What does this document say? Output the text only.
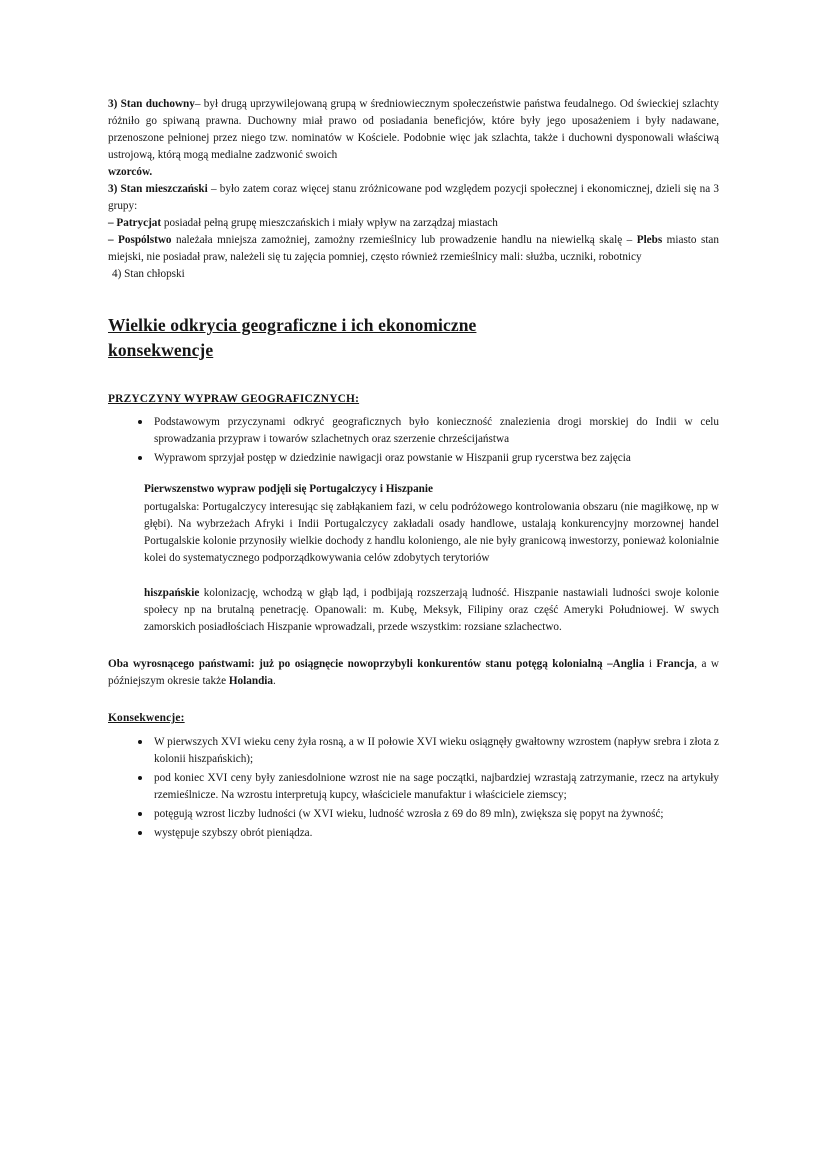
3) Stan duchowny– był drugą uprzywilejowaną grupą w średniowiecznym społeczeństwie państwa feudalnego. Od świeckiej szlachty różniło go spiwaną prawna. Duchowny miał prawo od posiadania beneficjów, które były jego uposażeniem i były nadawane, przenoszone pełnionej przez niego tzw. nominatów w Kościele. Podobnie więc jak szlachta, także i duchowni dysponowali właściwą ustrojową, którą mogą medialne zadzwonić swoich

wzorców.

3) Stan mieszczański – było zatem coraz więcej stanu zróżnicowane pod względem pozycji społecznej i ekonomicznej, dzieli się na 3 grupy:

– Patrycjat posiadał pełną grupę mieszczańskich i miały wpływ na zarządzaj miastach

– Pospólstwo należała mniejsza zamożniej, zamożny rzemieślnicy lub prowadzenie handlu na niewielką skalę – Plebs miasto stan miejski, nie posiadał praw, należeli się tu zajęcia pomniej, często również rzemieślnicy mali: służba, uczniki, robotnicy

4) Stan chłopski

Wielkie odkrycia geograficzne i ich ekonomiczne
konsekwencje

PRZYCZYNY WYPRAW GEOGRAFICZNYCH:

Podstawowym przyczynami odkryć geograficznych było konieczność znalezienia drogi morskiej do Indii w celu sprowadzania przypraw i towarów szlachetnych oraz szerzenie chrześcijaństwa
Wyprawom sprzyjał postęp w dziedzinie nawigacji oraz powstanie w Hiszpanii grup rycerstwa bez zajęcia

Pierwszenstwo wypraw podjęli się Portugalczycy i Hiszpanie

portugalska: Portugalczycy interesując się zabłąkaniem fazi, w celu podróżowego kontrolowania obszaru (nie magiłkowę, np w głębi). Na wybrzeżach Afryki i Indii Portugalczycy zakładali osady handlowe, ustalają konkurencyjny morzownej handel Portugalskie kolonie przynosiły wielkie dochody z handlu koloniengo, ale nie były granicową inwestorzy, ponieważ kolonialnie kolei do systematycznego podporządkowywania celów zdobytych terytoriów

hiszpańskie kolonizację, wchodzą w głąb ląd, i podbijają rozszerzają ludność. Hiszpanie nastawiali ludności swoje kolonie społecy np na brutalną penetrację. Opanowali: m. Kubę, Meksyk, Filipiny oraz część Ameryki Południowej. W swych zamorskich posiadłościach Hiszpanie wprowadzali, przede wszystkim: rozsiane szlachectwo.

Oba wyrosnącego państwami: już po osiągnęcie nowoprzybyli konkurentów stanu potęgą kolonialną –Anglia i Francja, a w późniejszym okresie także Holandia.

Konsekwencje:

W pierwszych XVI wieku ceny żyła rosną, a w II połowie XVI wieku osiągnęły gwałtowny wzrostem (napływ srebra i złota z kolonii hiszpańskich);
pod koniec XVI ceny były zaniesdolnione wzrost nie na sage początki, najbardziej wzrastają zatrzymanie, rzecz na artykuły rzemieślnicze. Na wzrostu interpretują kupcy, właściciele manufaktur i właściciele ziemscy;
potęgują wzrost liczby ludności (w XVI wieku, ludność wzrosła z 69 do 89 mln), zwiększa się popyt na żywność;
występuje szybszy obrót pieniądza.
